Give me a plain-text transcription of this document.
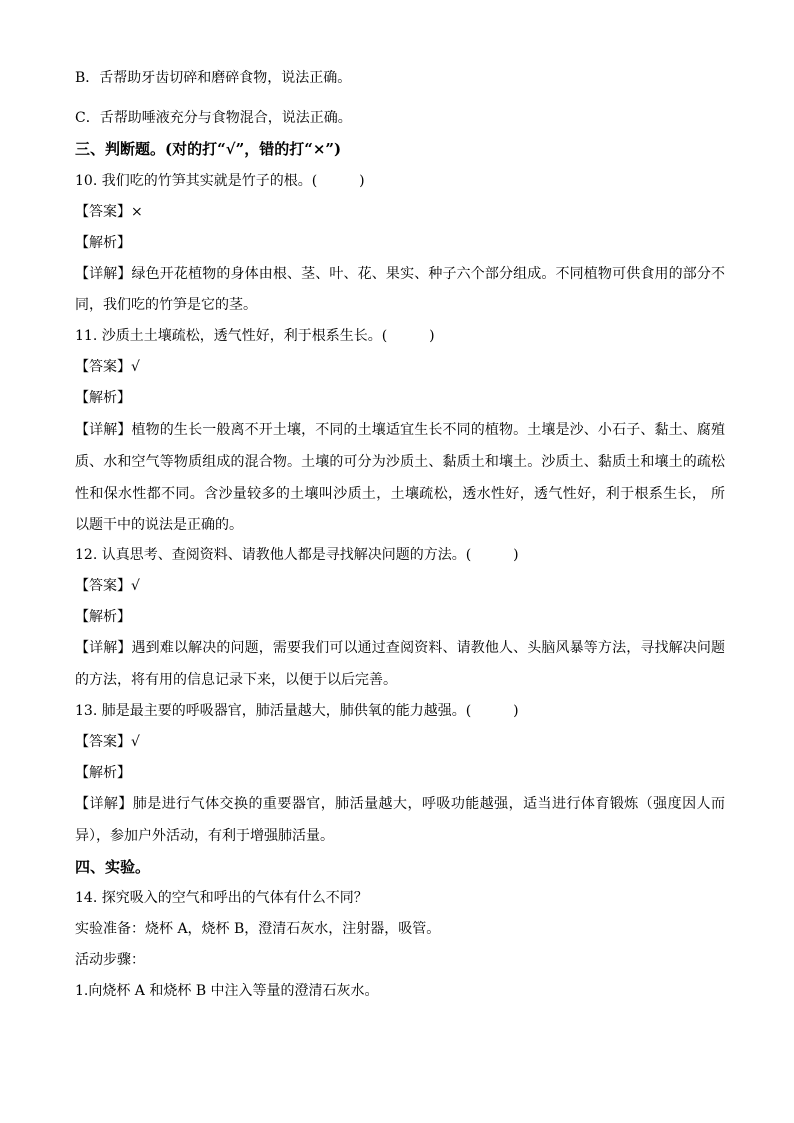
B．舌帮助牙齿切碎和磨碎食物，说法正确。
C．舌帮助唾液充分与食物混合，说法正确。
三、判断题。(对的打“√”，错的打“×”)
10. 我们吃的竹笋其实就是竹子的根。(　　　)
【答案】×
【解析】
【详解】绿色开花植物的身体由根、茎、叶、花、果实、种子六个部分组成。不同植物可供食用的部分不
同，我们吃的竹笋是它的茎。
11. 沙质土土壤疏松，透气性好，利于根系生长。(　　　)
【答案】√
【解析】
【详解】植物的生长一般离不开土壤，不同的土壤适宜生长不同的植物。土壤是沙、小石子、黏土、腐殖
质、水和空气等物质组成的混合物。土壤的可分为沙质土、黏质土和壤土。沙质土、黏质土和壤土的疏松
性和保水性都不同。含沙量较多的土壤叫沙质土，土壤疏松，透水性好，透气性好，利于根系生长， 所
以题干中的说法是正确的。
12. 认真思考、查阅资料、请教他人都是寻找解决问题的方法。(　　　)
【答案】√
【解析】
【详解】遇到难以解决的问题，需要我们可以通过查阅资料、请教他人、头脑风暴等方法，寻找解决问题
的方法，将有用的信息记录下来，以便于以后完善。
13. 肺是最主要的呼吸器官，肺活量越大，肺供氧的能力越强。(　　　)
【答案】√
【解析】
【详解】肺是进行气体交换的重要器官，肺活量越大，呼吸功能越强，适当进行体育锻炼（强度因人而
异），参加户外活动，有利于增强肺活量。
四、实验。
14. 探究吸入的空气和呼出的气体有什么不同？
实验准备：烧杯 A，烧杯 B，澄清石灰水，注射器，吸管。
活动步骤：
1.向烧杯 A 和烧杯 B 中注入等量的澄清石灰水。
